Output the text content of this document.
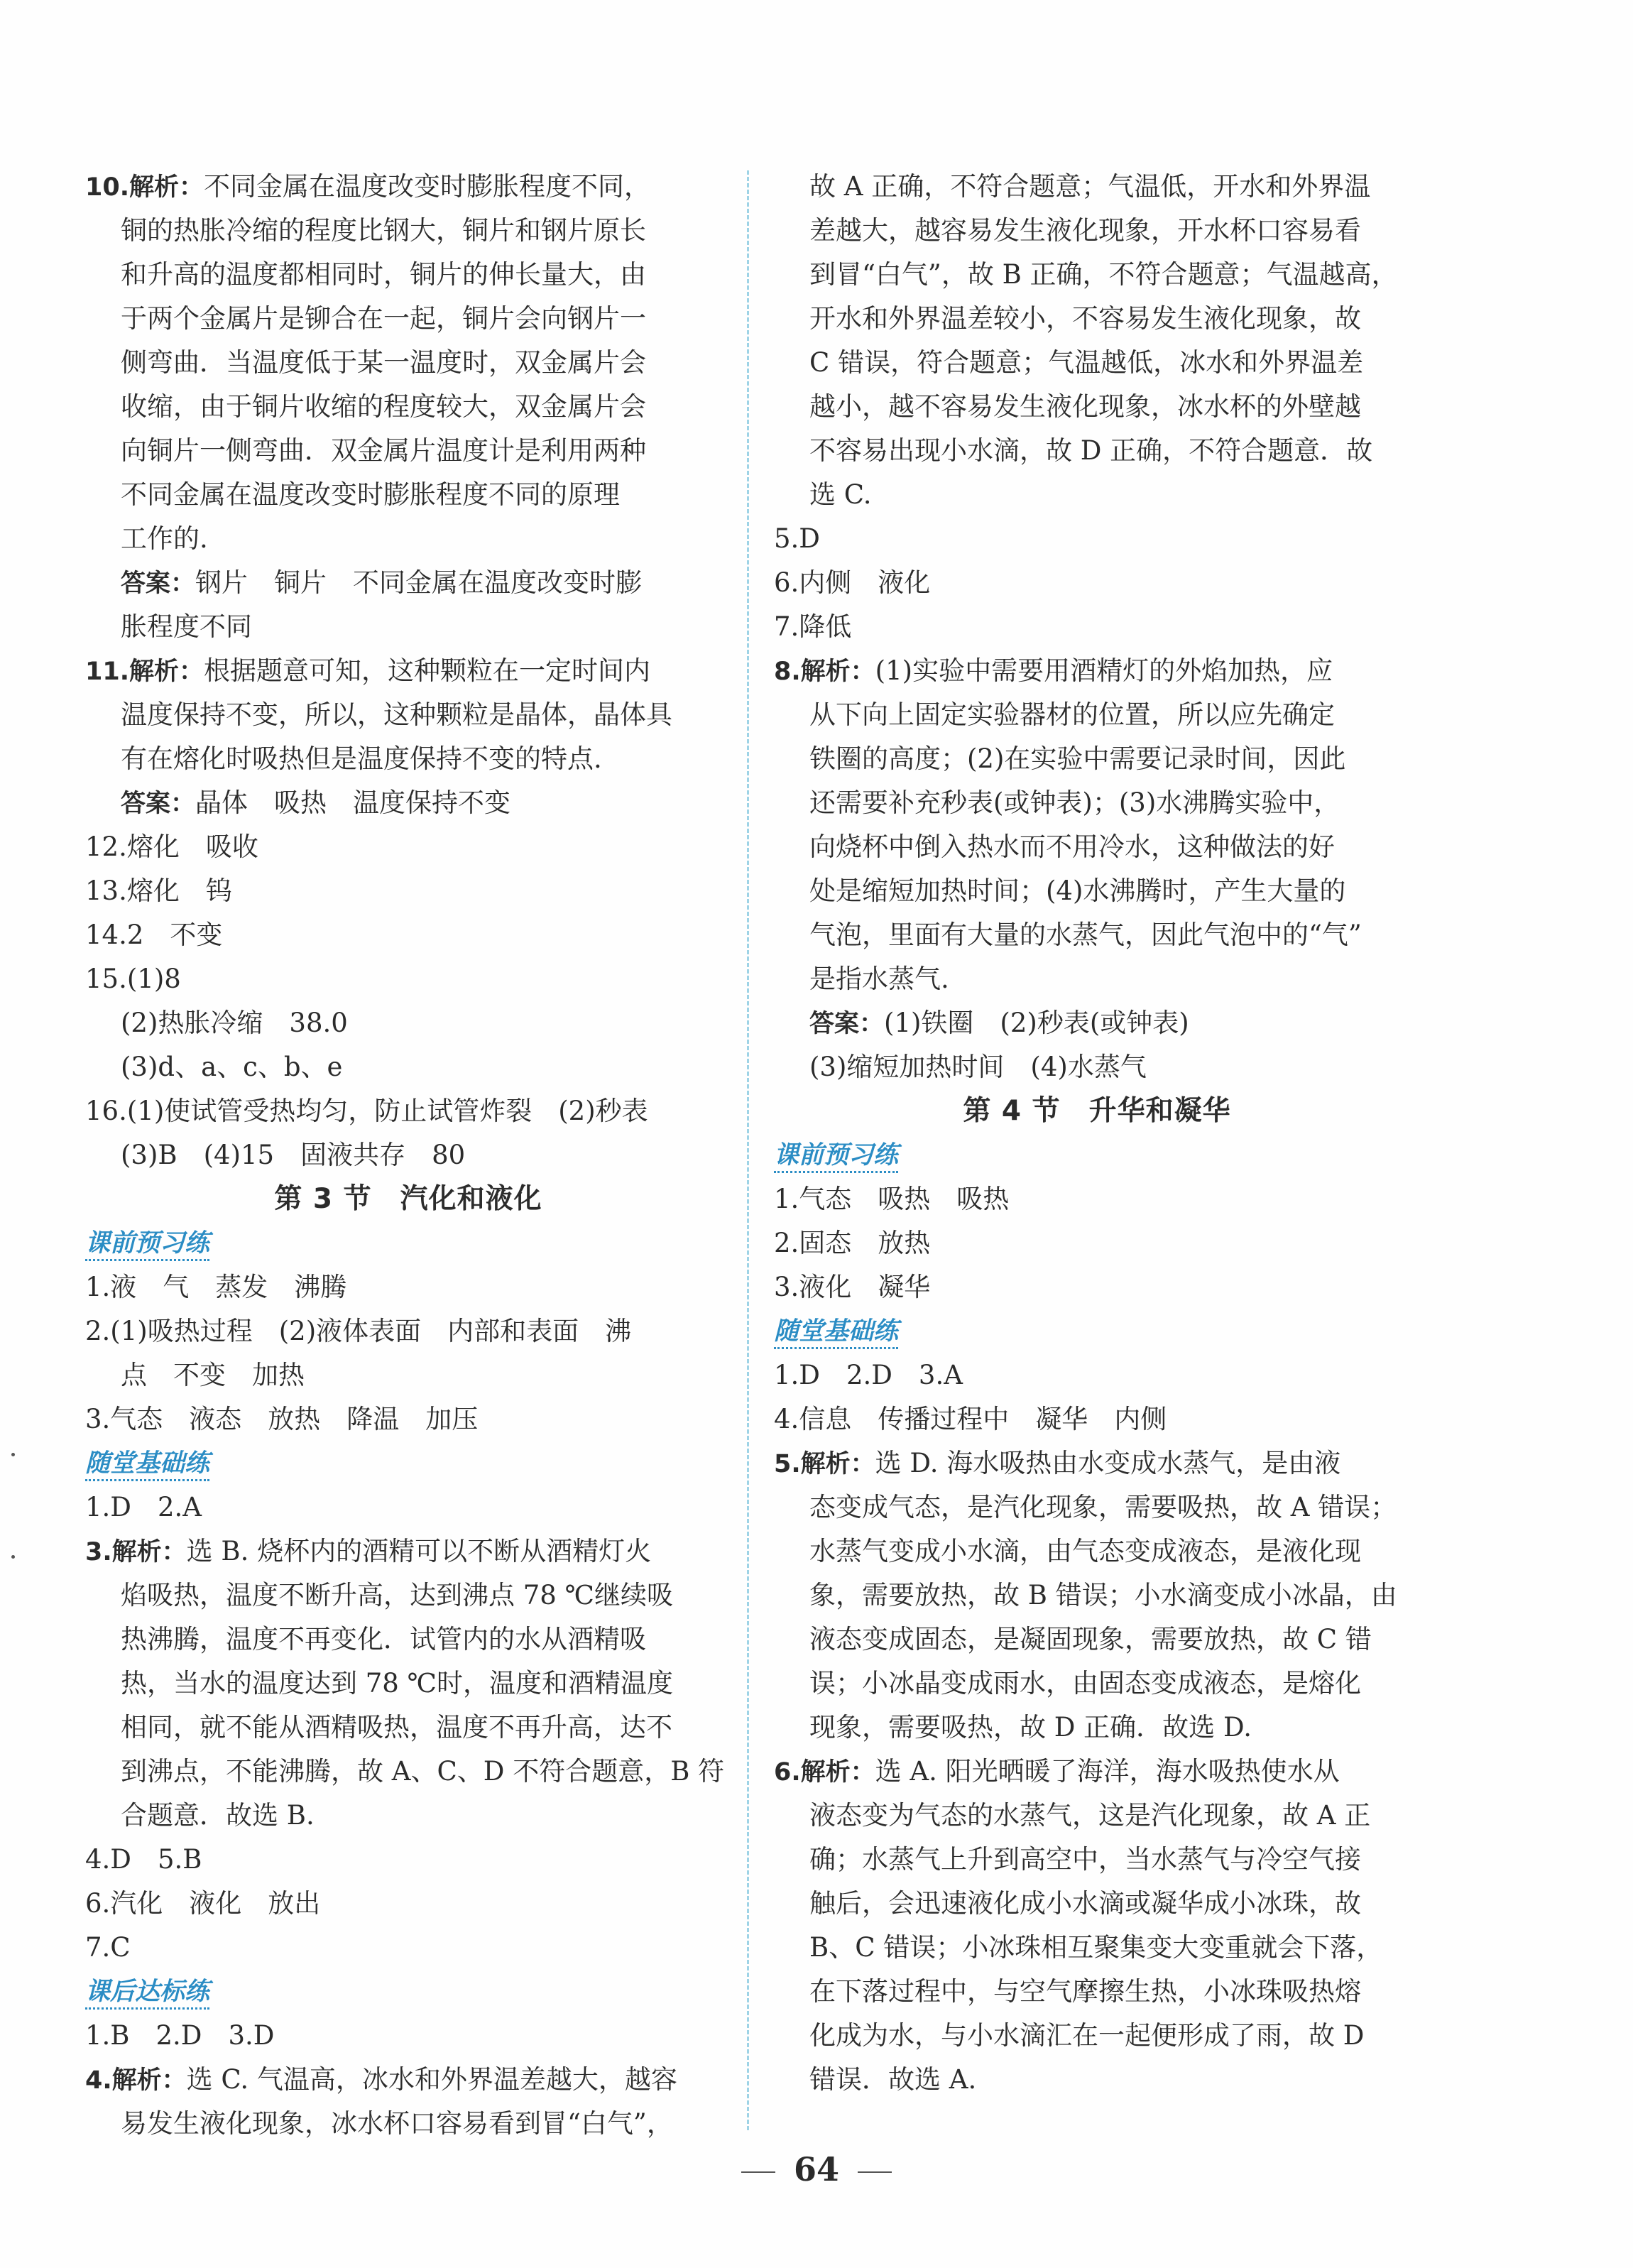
10.解析：不同金属在温度改变时膨胀程度不同，
铜的热胀冷缩的程度比钢大，铜片和钢片原长
和升高的温度都相同时，铜片的伸长量大，由
于两个金属片是铆合在一起，铜片会向钢片一
侧弯曲．当温度低于某一温度时，双金属片会
收缩，由于铜片收缩的程度较大，双金属片会
向铜片一侧弯曲．双金属片温度计是利用两种
不同金属在温度改变时膨胀程度不同的原理
工作的.
答案：钢片　铜片　不同金属在温度改变时膨
胀程度不同
11.解析：根据题意可知，这种颗粒在一定时间内
温度保持不变，所以，这种颗粒是晶体，晶体具
有在熔化时吸热但是温度保持不变的特点.
答案：晶体　吸热　温度保持不变
12.熔化　吸收
13.熔化　钨
14.2　不变
15.(1)8
(2)热胀冷缩　38.0
(3)d、a、c、b、e
16.(1)使试管受热均匀，防止试管炸裂　(2)秒表
(3)B　(4)15　固液共存　80
第 3 节　汽化和液化
课前预习练
1.液　气　蒸发　沸腾
2.(1)吸热过程　(2)液体表面　内部和表面　沸
点　不变　加热
3.气态　液态　放热　降温　加压
随堂基础练
1.D　2.A
3.解析：选 B. 烧杯内的酒精可以不断从酒精灯火
焰吸热，温度不断升高，达到沸点 78 ℃继续吸
热沸腾，温度不再变化．试管内的水从酒精吸
热，当水的温度达到 78 ℃时，温度和酒精温度
相同，就不能从酒精吸热，温度不再升高，达不
到沸点，不能沸腾，故 A、C、D 不符合题意，B 符
合题意．故选 B.
4.D　5.B
6.汽化　液化　放出
7.C
课后达标练
1.B　2.D　3.D
4.解析：选 C. 气温高，冰水和外界温差越大，越容
易发生液化现象，冰水杯口容易看到冒“白气”，
故 A 正确，不符合题意；气温低，开水和外界温
差越大，越容易发生液化现象，开水杯口容易看
到冒“白气”，故 B 正确，不符合题意；气温越高，
开水和外界温差较小，不容易发生液化现象，故
C 错误，符合题意；气温越低，冰水和外界温差
越小，越不容易发生液化现象，冰水杯的外壁越
不容易出现小水滴，故 D 正确，不符合题意．故
选 C.
5.D
6.内侧　液化
7.降低
8.解析：(1)实验中需要用酒精灯的外焰加热，应
从下向上固定实验器材的位置，所以应先确定
铁圈的高度；(2)在实验中需要记录时间，因此
还需要补充秒表(或钟表)；(3)水沸腾实验中，
向烧杯中倒入热水而不用冷水，这种做法的好
处是缩短加热时间；(4)水沸腾时，产生大量的
气泡，里面有大量的水蒸气，因此气泡中的“气”
是指水蒸气.
答案：(1)铁圈　(2)秒表(或钟表)
(3)缩短加热时间　(4)水蒸气
第 4 节　升华和凝华
课前预习练
1.气态　吸热　吸热
2.固态　放热
3.液化　凝华
随堂基础练
1.D　2.D　3.A
4.信息　传播过程中　凝华　内侧
5.解析：选 D. 海水吸热由水变成水蒸气，是由液
态变成气态，是汽化现象，需要吸热，故 A 错误；
水蒸气变成小水滴，由气态变成液态，是液化现
象，需要放热，故 B 错误；小水滴变成小冰晶，由
液态变成固态，是凝固现象，需要放热，故 C 错
误；小冰晶变成雨水，由固态变成液态，是熔化
现象，需要吸热，故 D 正确．故选 D.
6.解析：选 A. 阳光晒暖了海洋，海水吸热使水从
液态变为气态的水蒸气，这是汽化现象，故 A 正
确；水蒸气上升到高空中，当水蒸气与冷空气接
触后，会迅速液化成小水滴或凝华成小冰珠，故
B、C 错误；小冰珠相互聚集变大变重就会下落，
在下落过程中，与空气摩擦生热，小冰珠吸热熔
化成为水，与小水滴汇在一起便形成了雨，故 D
错误．故选 A.
64
